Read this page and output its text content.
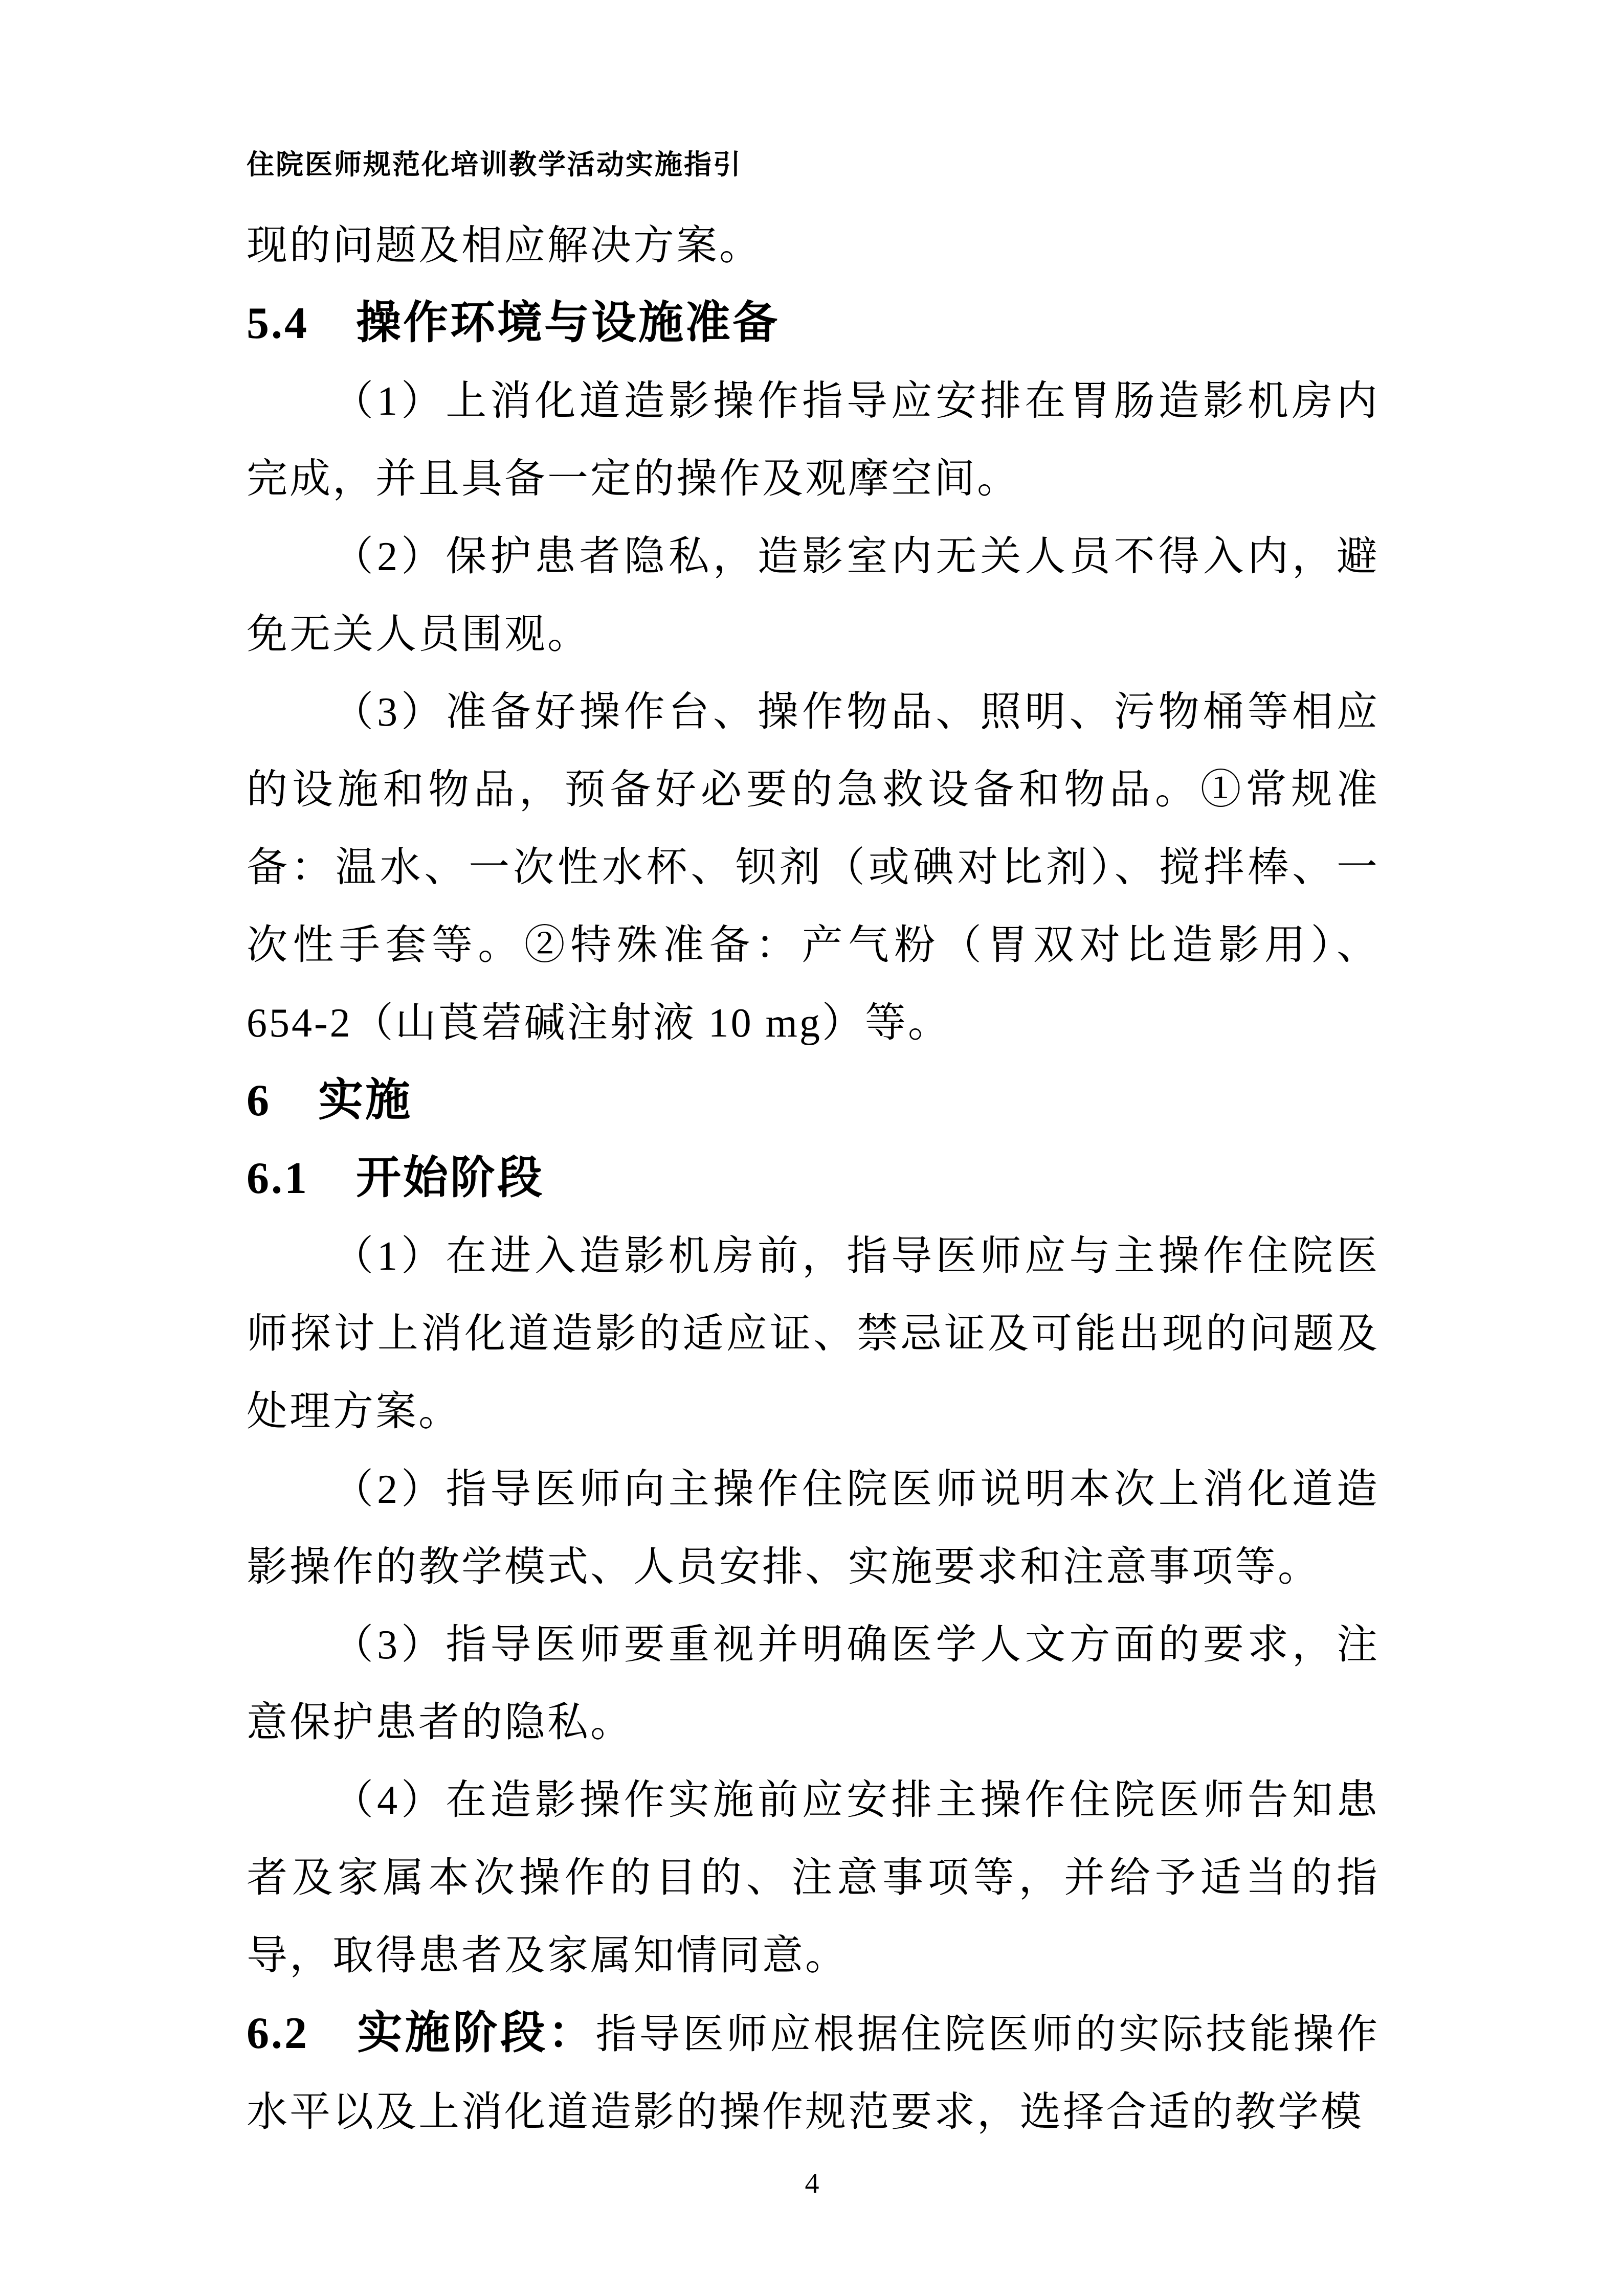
住院医师规范化培训教学活动实施指引

现的问题及相应解决方案。

5.4　操作环境与设施准备

（1）上消化道造影操作指导应安排在胃肠造影机房内完成，并且具备一定的操作及观摩空间。

（2）保护患者隐私，造影室内无关人员不得入内，避免无关人员围观。

（3）准备好操作台、操作物品、照明、污物桶等相应的设施和物品，预备好必要的急救设备和物品。①常规准备：温水、一次性水杯、钡剂（或碘对比剂）、搅拌棒、一次性手套等。②特殊准备：产气粉（胃双对比造影用）、654-2（山莨菪碱注射液 10 mg）等。

6　实施

6.1　开始阶段

（1）在进入造影机房前，指导医师应与主操作住院医师探讨上消化道造影的适应证、禁忌证及可能出现的问题及处理方案。

（2）指导医师向主操作住院医师说明本次上消化道造影操作的教学模式、人员安排、实施要求和注意事项等。

（3）指导医师要重视并明确医学人文方面的要求，注意保护患者的隐私。

（4）在造影操作实施前应安排主操作住院医师告知患者及家属本次操作的目的、注意事项等，并给予适当的指导，取得患者及家属知情同意。

6.2　实施阶段：指导医师应根据住院医师的实际技能操作水平以及上消化道造影的操作规范要求，选择合适的教学模

4
